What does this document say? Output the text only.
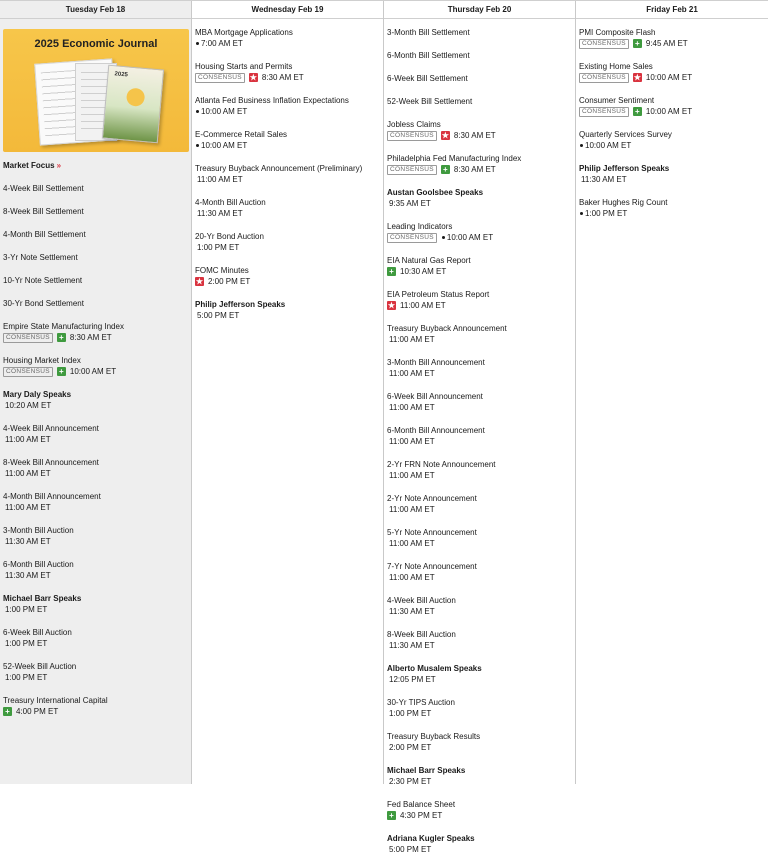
Tuesday Feb 18
2025 Economic Journal
2025
Market Focus »
4-Week Bill Settlement
8-Week Bill Settlement
4-Month Bill Settlement
3-Yr Note Settlement
10-Yr Note Settlement
30-Yr Bond Settlement
Empire State Manufacturing Index
CONSENSUS	+ 8:30 AM ET
Housing Market Index
CONSENSUS	+ 10:00 AM ET
Mary Daly Speaks
10:20 AM ET
4-Week Bill Announcement
11:00 AM ET
8-Week Bill Announcement
11:00 AM ET
4-Month Bill Announcement
11:00 AM ET
3-Month Bill Auction
11:30 AM ET
6-Month Bill Auction
11:30 AM ET
Michael Barr Speaks
1:00 PM ET
6-Week Bill Auction
1:00 PM ET
52-Week Bill Auction
1:00 PM ET
Treasury International Capital
+ 4:00 PM ET
Wednesday Feb 19
MBA Mortgage Applications
7:00 AM ET
Housing Starts and Permits
CONSENSUS ★ 8:30 AM ET
Atlanta Fed Business Inflation Expectations
10:00 AM ET
E-Commerce Retail Sales
10:00 AM ET
Treasury Buyback Announcement (Preliminary)
11:00 AM ET
4-Month Bill Auction
11:30 AM ET
20-Yr Bond Auction
1:00 PM ET
FOMC Minutes
★ 2:00 PM ET
Philip Jefferson Speaks
5:00 PM ET
Thursday Feb 20
3-Month Bill Settlement
6-Month Bill Settlement
6-Week Bill Settlement
52-Week Bill Settlement
Jobless Claims
CONSENSUS ★ 8:30 AM ET
Philadelphia Fed Manufacturing Index
CONSENSUS	+ 8:30 AM ET
Austan Goolsbee Speaks
9:35 AM ET
Leading Indicators
CONSENSUS	10:00 AM ET
EIA Natural Gas Report
+ 10:30 AM ET
EIA Petroleum Status Report
★ 11:00 AM ET
Treasury Buyback Announcement
11:00 AM ET
3-Month Bill Announcement
11:00 AM ET
6-Week Bill Announcement
11:00 AM ET
6-Month Bill Announcement
11:00 AM ET
2-Yr FRN Note Announcement
11:00 AM ET
2-Yr Note Announcement
11:00 AM ET
5-Yr Note Announcement
11:00 AM ET
7-Yr Note Announcement
11:00 AM ET
4-Week Bill Auction
11:30 AM ET
8-Week Bill Auction
11:30 AM ET
Alberto Musalem Speaks
12:05 PM ET
30-Yr TIPS Auction
1:00 PM ET
Treasury Buyback Results
2:00 PM ET
Michael Barr Speaks
2:30 PM ET
Fed Balance Sheet
+ 4:30 PM ET
Adriana Kugler Speaks
5:00 PM ET
Friday Feb 21
PMI Composite Flash
CONSENSUS	+ 9:45 AM ET
Existing Home Sales
CONSENSUS ★ 10:00 AM ET
Consumer Sentiment
CONSENSUS	+ 10:00 AM ET
Quarterly Services Survey
10:00 AM ET
Philip Jefferson Speaks
11:30 AM ET
Baker Hughes Rig Count
1:00 PM ET
